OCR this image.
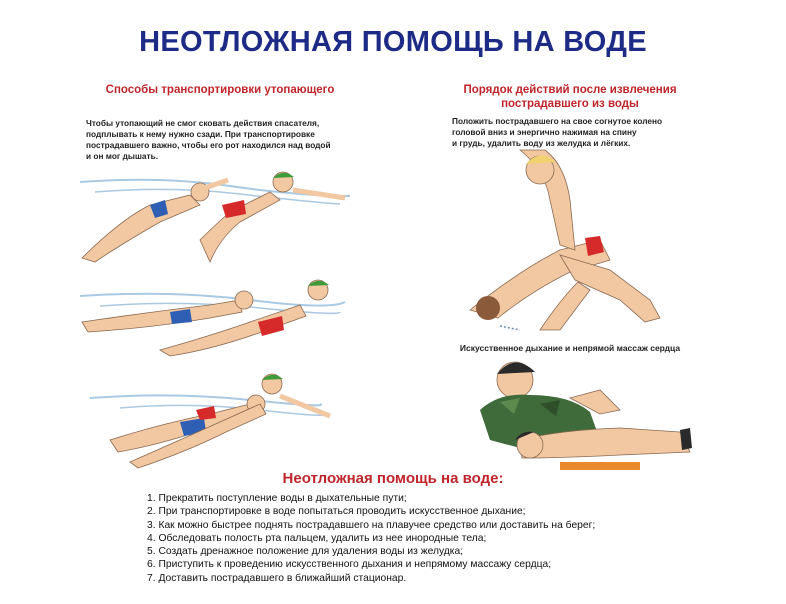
НЕОТЛОЖНАЯ ПОМОЩЬ НА ВОДЕ
Способы транспортировки утопающего
Чтобы утопающий не смог сковать действия спасателя,
подплывать к нему нужно сзади. При транспортировке
пострадавшего важно, чтобы его рот находился над водой
и он мог дышать.
Порядок действий после извлечения
пострадавшего из воды
Положить пострадавшего на свое согнутое колено
головой вниз и энергично нажимая на спину
и грудь, удалить воду из желудка и лёгких.
Искусственное дыхание и непрямой массаж сердца
Неотложная помощь на воде:
1. Прекратить поступление воды в дыхательные пути;
2. При транспортировке в воде попытаться проводить искусственное дыхание;
3. Как можно быстрее поднять пострадавшего на плавучее средство или доставить на берег;
4. Обследовать полость рта пальцем, удалить из нее инородные тела;
5. Создать дренажное положение для удаления воды из желудка;
6. Приступить к проведению искусственного дыхания и непрямому массажу сердца;
7. Доставить пострадавшего в ближайший стационар.
